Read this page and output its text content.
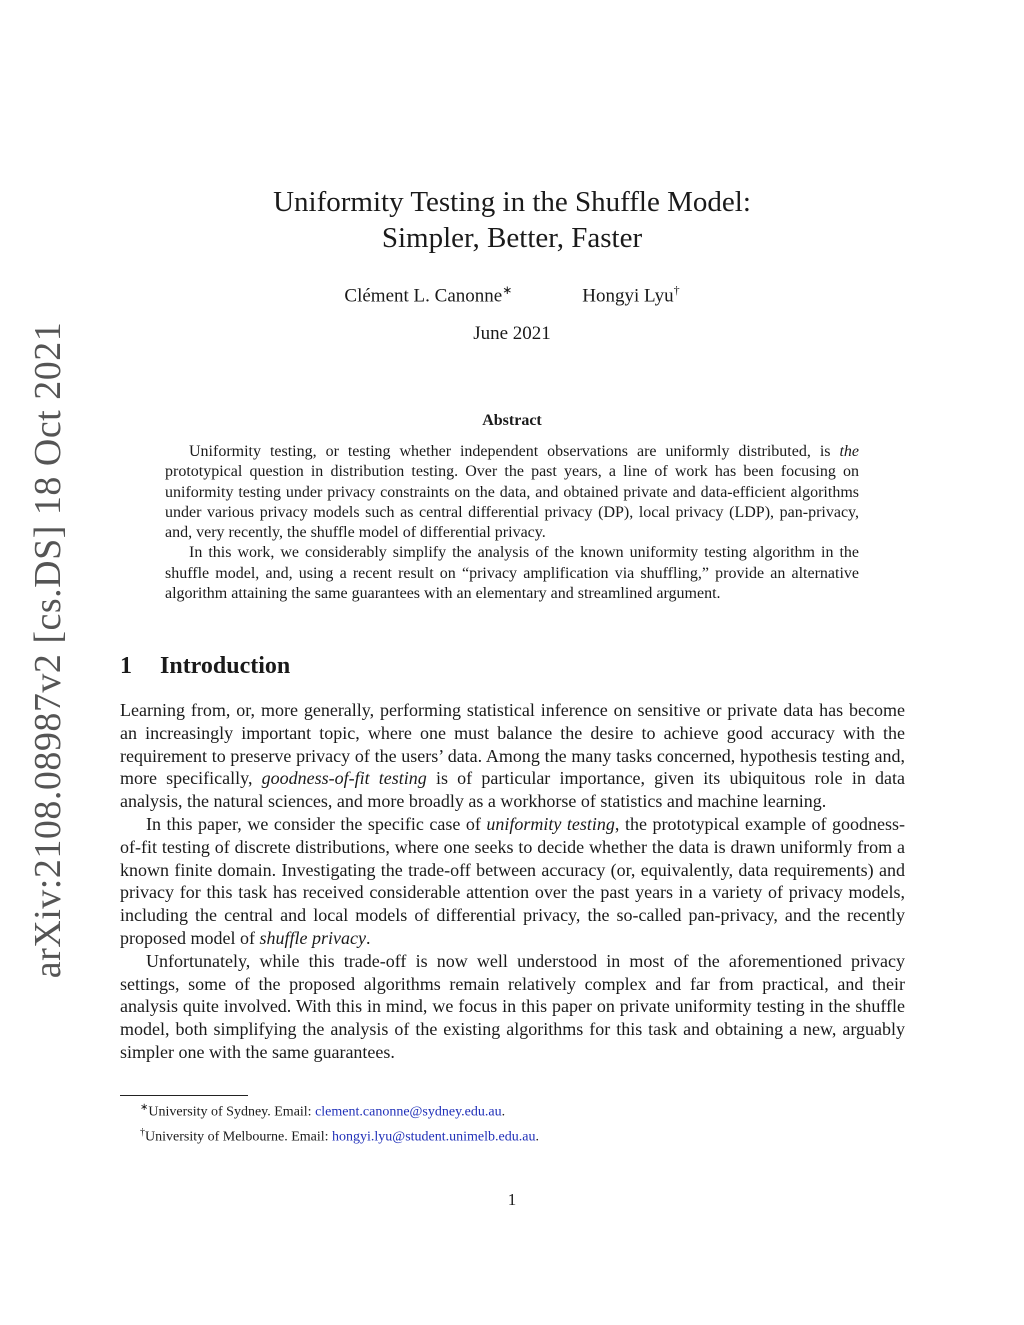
arXiv:2108.08987v2 [cs.DS] 18 Oct 2021
Uniformity Testing in the Shuffle Model:
Simpler, Better, Faster
Clément L. Canonne∗	Hongyi Lyu†
June 2021
Abstract

Uniformity testing, or testing whether independent observations are uniformly distributed, is the prototypical question in distribution testing. Over the past years, a line of work has been focusing on uniformity testing under privacy constraints on the data, and obtained private and data-efficient algorithms under various privacy models such as central differential privacy (DP), local privacy (LDP), pan-privacy, and, very recently, the shuffle model of differential privacy.

In this work, we considerably simplify the analysis of the known uniformity testing algorithm in the shuffle model, and, using a recent result on “privacy amplification via shuffling,” provide an alternative algorithm attaining the same guarantees with an elementary and streamlined argument.

1 Introduction

Learning from, or, more generally, performing statistical inference on sensitive or private data has become an increasingly important topic, where one must balance the desire to achieve good accuracy with the requirement to preserve privacy of the users’ data. Among the many tasks concerned, hypothesis testing and, more specifically, goodness-of-fit testing is of particular importance, given its ubiquitous role in data analysis, the natural sciences, and more broadly as a workhorse of statistics and machine learning.

In this paper, we consider the specific case of uniformity testing, the prototypical example of goodness-of-fit testing of discrete distributions, where one seeks to decide whether the data is drawn uniformly from a known finite domain. Investigating the trade-off between accuracy (or, equivalently, data requirements) and privacy for this task has received considerable attention over the past years in a variety of privacy models, including the central and local models of differential privacy, the so-called pan-privacy, and the recently proposed model of shuffle privacy.

Unfortunately, while this trade-off is now well understood in most of the aforementioned privacy settings, some of the proposed algorithms remain relatively complex and far from practical, and their analysis quite involved. With this in mind, we focus in this paper on private uniformity testing in the shuffle model, both simplifying the analysis of the existing algorithms for this task and obtaining a new, arguably simpler one with the same guarantees.

∗University of Sydney. Email: clement.canonne@sydney.edu.au.
†University of Melbourne. Email: hongyi.lyu@student.unimelb.edu.au.
1
